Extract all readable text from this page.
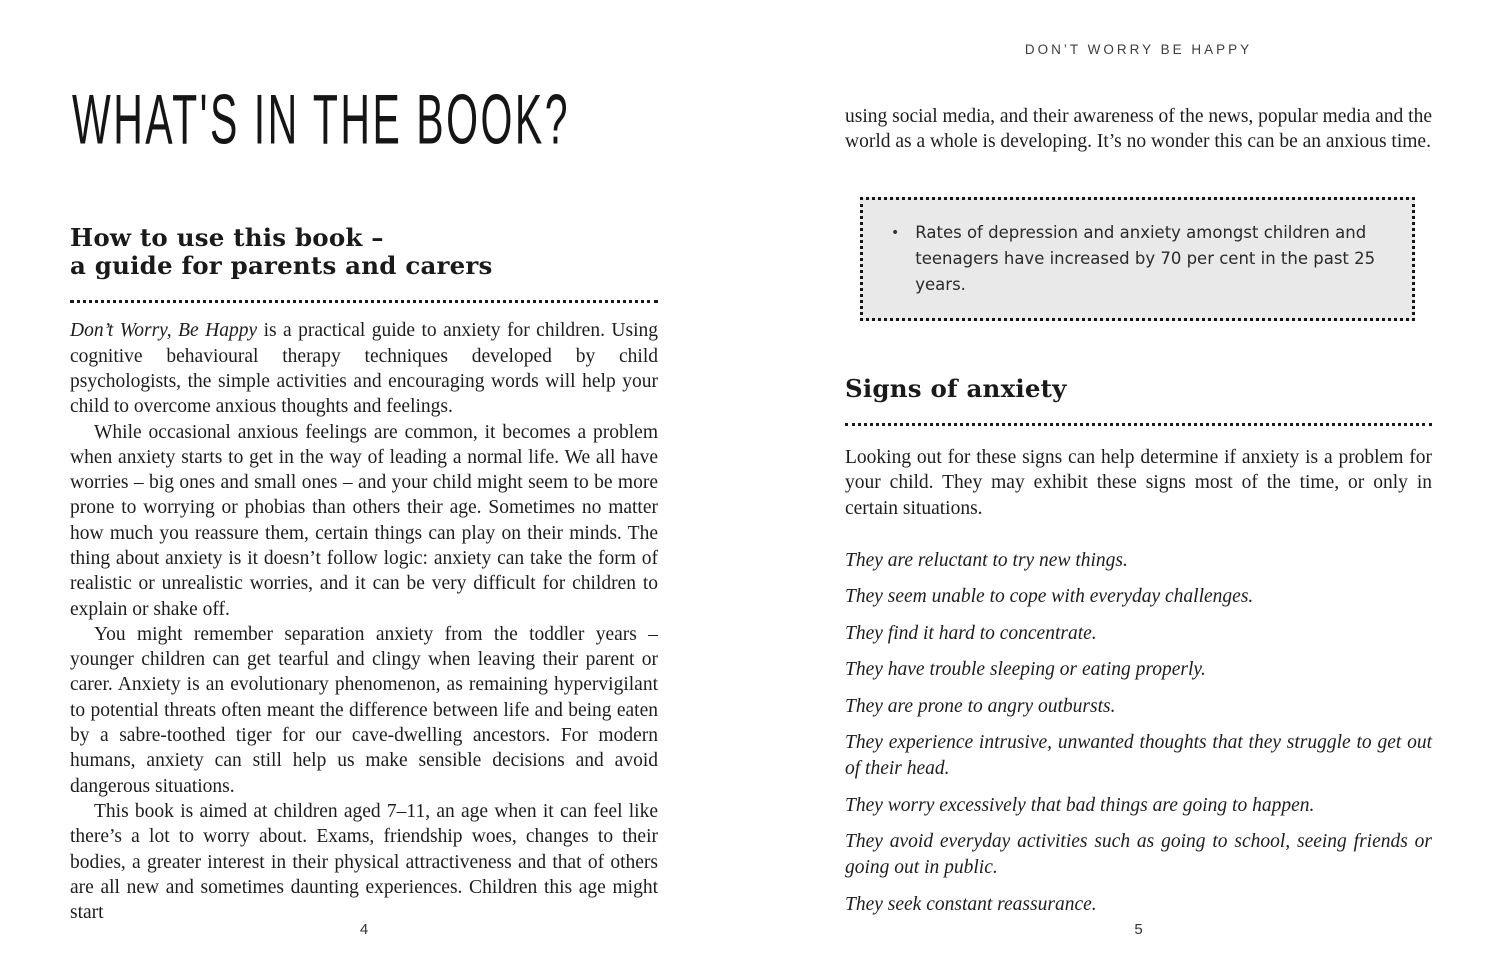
WHAT'S IN THE BOOK?
How to use this book –
a guide for parents and carers

Don’t Worry, Be Happy is a practical guide to anxiety for children. Using cognitive behavioural therapy techniques developed by child psychologists, the simple activities and encouraging words will help your child to overcome anxious thoughts and feelings.

While occasional anxious feelings are common, it becomes a problem when anxiety starts to get in the way of leading a normal life. We all have worries – big ones and small ones – and your child might seem to be more prone to worrying or phobias than others their age. Sometimes no matter how much you reassure them, certain things can play on their minds. The thing about anxiety is it doesn’t follow logic: anxiety can take the form of realistic or unrealistic worries, and it can be very difficult for children to explain or shake off.

You might remember separation anxiety from the toddler years – younger children can get tearful and clingy when leaving their parent or carer. Anxiety is an evolutionary phenomenon, as remaining hypervigilant to potential threats often meant the difference between life and being eaten by a sabre-toothed tiger for our cave-dwelling ancestors. For modern humans, anxiety can still help us make sensible decisions and avoid dangerous situations.

This book is aimed at children aged 7–11, an age when it can feel like there’s a lot to worry about. Exams, friendship woes, changes to their bodies, a greater interest in their physical attractiveness and that of others are all new and sometimes daunting experiences. Children this age might start

4
DON’T WORRY BE HAPPY

using social media, and their awareness of the news, popular media and the world as a whole is developing. It’s no wonder this can be an anxious time.

• Rates of depression and anxiety amongst children and teenagers have increased by 70 per cent in the past 25 years.
Signs of anxiety

Looking out for these signs can help determine if anxiety is a problem for your child. They may exhibit these signs most of the time, or only in certain situations.

They are reluctant to try new things.

They seem unable to cope with everyday challenges.

They find it hard to concentrate.

They have trouble sleeping or eating properly.

They are prone to angry outbursts.

They experience intrusive, unwanted thoughts that they struggle to get out of their head.

They worry excessively that bad things are going to happen.

They avoid everyday activities such as going to school, seeing friends or going out in public.

They seek constant reassurance.

5
